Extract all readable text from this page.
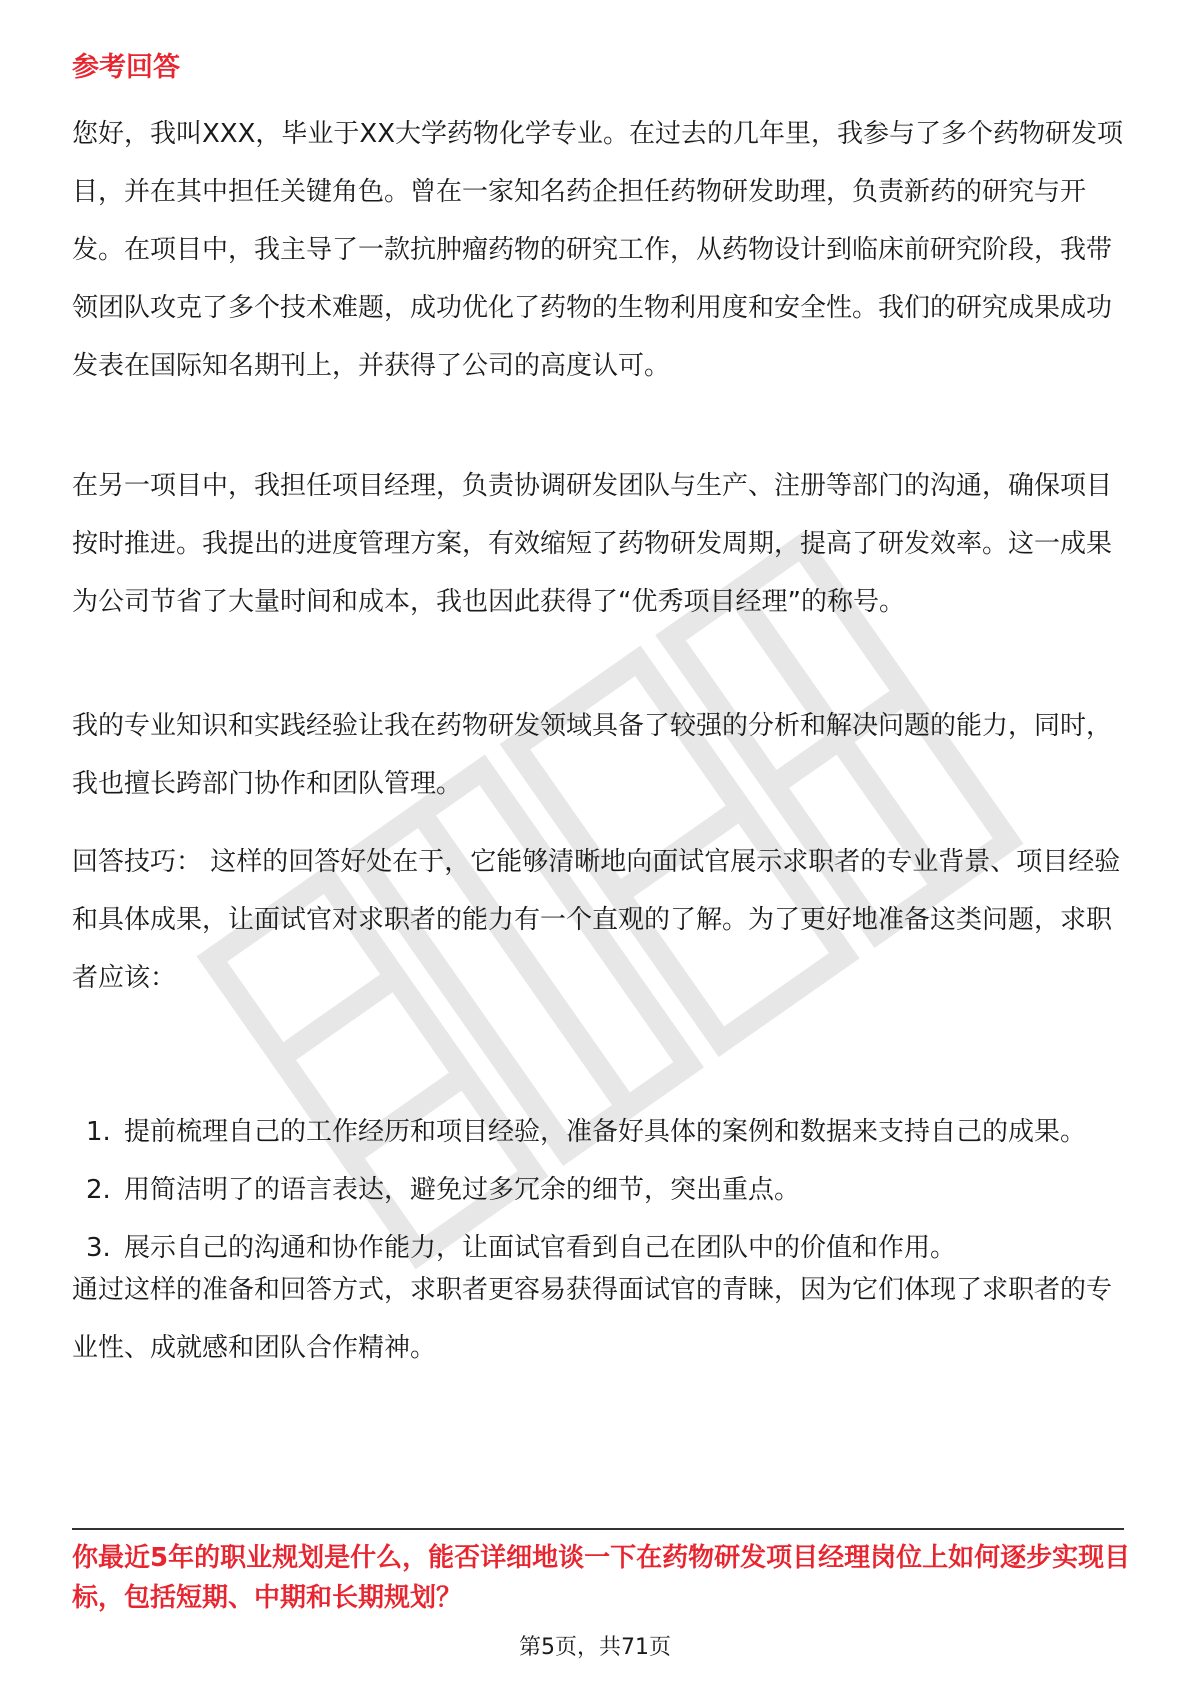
参考回答

您好，我叫XXX，毕业于XX大学药物化学专业。在过去的几年里，我参与了多个药物研发项目，并在其中担任关键角色。曾在一家知名药企担任药物研发助理，负责新药的研究与开发。在项目中，我主导了一款抗肿瘤药物的研究工作，从药物设计到临床前研究阶段，我带领团队攻克了多个技术难题，成功优化了药物的生物利用度和安全性。我们的研究成果成功发表在国际知名期刊上，并获得了公司的高度认可。

在另一项目中，我担任项目经理，负责协调研发团队与生产、注册等部门的沟通，确保项目按时推进。我提出的进度管理方案，有效缩短了药物研发周期，提高了研发效率。这一成果为公司节省了大量时间和成本，我也因此获得了“优秀项目经理”的称号。

我的专业知识和实践经验让我在药物研发领域具备了较强的分析和解决问题的能力，同时，我也擅长跨部门协作和团队管理。

回答技巧： 这样的回答好处在于，它能够清晰地向面试官展示求职者的专业背景、项目经验和具体成果，让面试官对求职者的能力有一个直观的了解。为了更好地准备这类问题，求职者应该：

1. 提前梳理自己的工作经历和项目经验，准备好具体的案例和数据来支持自己的成果。
2. 用简洁明了的语言表达，避免过多冗余的细节，突出重点。
3. 展示自己的沟通和协作能力，让面试官看到自己在团队中的价值和作用。

通过这样的准备和回答方式，求职者更容易获得面试官的青睐，因为它们体现了求职者的专业性、成就感和团队合作精神。

你最近5年的职业规划是什么，能否详细地谈一下在药物研发项目经理岗位上如何逐步实现目标，包括短期、中期和长期规划？

第5页，共71页
